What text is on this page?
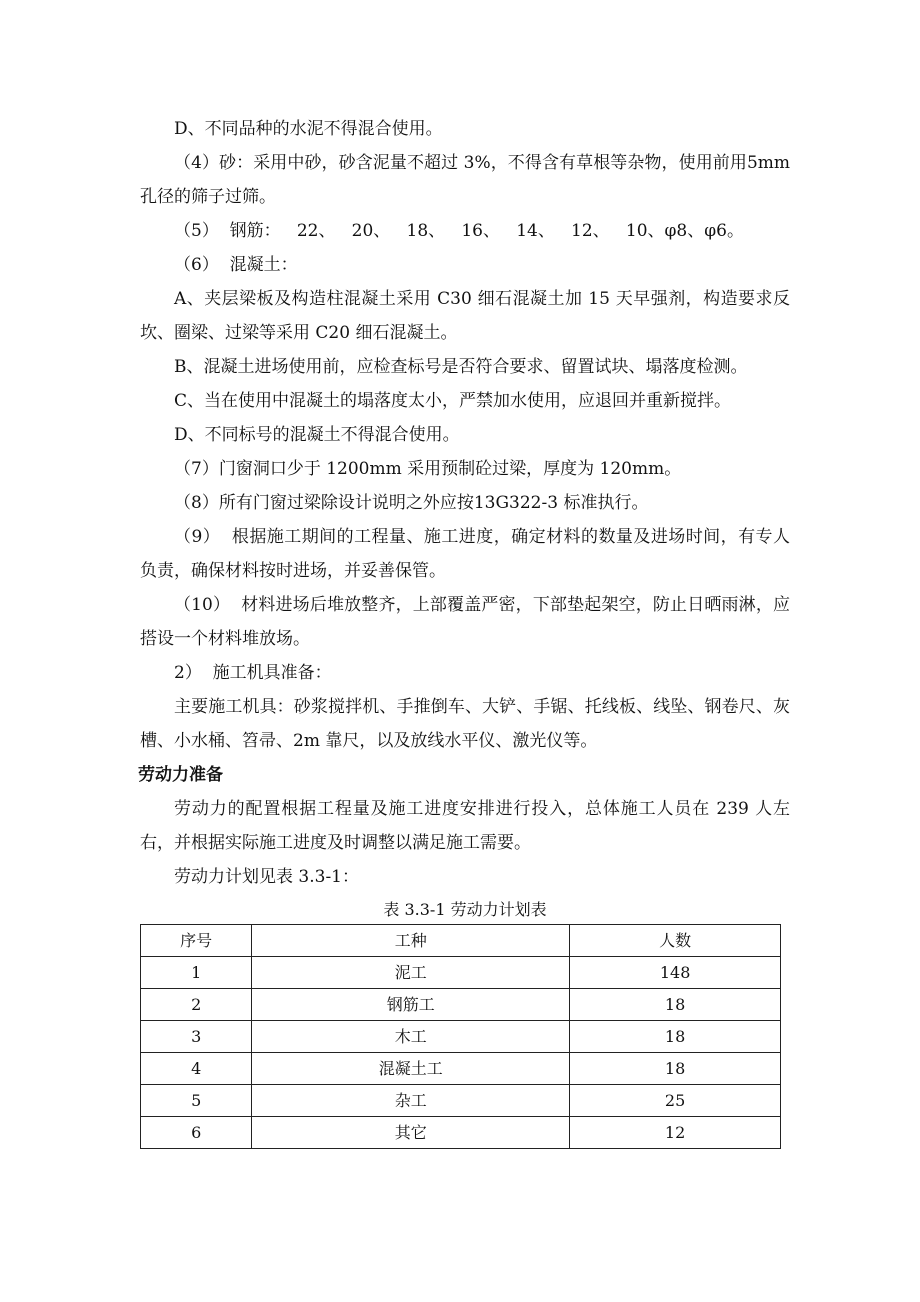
D、不同品种的水泥不得混合使用。

（4）砂：采用中砂，砂含泥量不超过 3%，不得含有草根等杂物，使用前用5mm 孔径的筛子过筛。

（5）  钢筋：   22、   20、   18、   16、   14、   12、   10、φ8、φ6。

（6）  混凝土：

A、夹层梁板及构造柱混凝土采用 C30 细石混凝土加 15 天早强剂，构造要求反坎、圈梁、过梁等采用 C20 细石混凝土。

B、混凝土进场使用前，应检查标号是否符合要求、留置试块、塌落度检测。

C、当在使用中混凝土的塌落度太小，严禁加水使用，应退回并重新搅拌。

D、不同标号的混凝土不得混合使用。

（7）门窗洞口少于 1200mm 采用预制砼过梁，厚度为 120mm。

（8）所有门窗过梁除设计说明之外应按13G322-3 标准执行。

（9）  根据施工期间的工程量、施工进度，确定材料的数量及进场时间，有专人负责，确保材料按时进场，并妥善保管。

（10）  材料进场后堆放整齐，上部覆盖严密，下部垫起架空，防止日晒雨淋，应搭设一个材料堆放场。

2）  施工机具准备：

主要施工机具：砂浆搅拌机、手推倒车、大铲、手锯、托线板、线坠、钢卷尺、灰槽、小水桶、笤帚、2m 靠尺，以及放线水平仪、激光仪等。

劳动力准备

劳动力的配置根据工程量及施工进度安排进行投入，总体施工人员在 239 人左右，并根据实际施工进度及时调整以满足施工需要。

劳动力计划见表 3.3-1：

表 3.3-1 劳动力计划表

序号	工种	人数
1	泥工	148
2	钢筋工	18
3	木工	18
4	混凝土工	18
5	杂工	25
6	其它	12
